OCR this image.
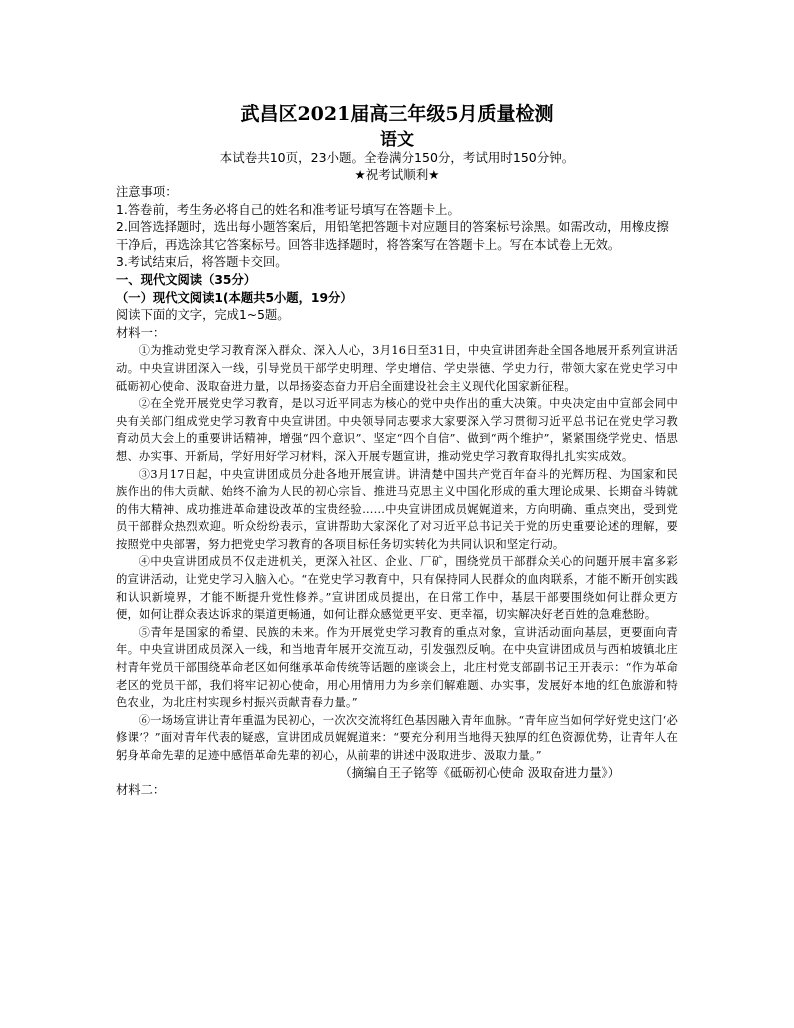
武昌区2021届高三年级5月质量检测
语文
本试卷共10页，23小题。全卷满分150分，考试用时150分钟。
★祝考试顺利★

注意事项：

1.答卷前，考生务必将自己的姓名和准考证号填写在答题卡上。

2.回答选择题时，选出每小题答案后，用铅笔把答题卡对应题目的答案标号涂黑。如需改动，用橡皮擦干净后，再选涂其它答案标号。回答非选择题时，将答案写在答题卡上。写在本试卷上无效。

3.考试结束后，将答题卡交回。

一、现代文阅读（35分）

（一）现代文阅读1(本题共5小题，19分）

阅读下面的文字，完成1~5题。

材料一：

①为推动党史学习教育深入群众、深入人心，3月16日至31日，中央宣讲团奔赴全国各地展开系列宣讲活动。中央宣讲团深入一线，引导党员干部学史明理、学史增信、学史崇德、学史力行，带领大家在党史学习中砥砺初心使命、汲取奋进力量，以昂扬姿态奋力开启全面建设社会主义现代化国家新征程。

②在全党开展党史学习教育，是以习近平同志为核心的党中央作出的重大决策。中央决定由中宣部会同中央有关部门组成党史学习教育中央宣讲团。中央领导同志要求大家要深入学习贯彻习近平总书记在党史学习教育动员大会上的重要讲话精神，增强“四个意识”、坚定“四个自信”、做到“两个维护”，紧紧围绕学党史、悟思想、办实事、开新局，学好用好学习材料，深入开展专题宣讲，推动党史学习教育取得扎扎实实成效。

③3月17日起，中央宣讲团成员分赴各地开展宣讲。讲清楚中国共产党百年奋斗的光辉历程、为国家和民族作出的伟大贡献、始终不渝为人民的初心宗旨、推进马克思主义中国化形成的重大理论成果、长期奋斗铸就的伟大精神、成功推进革命建设改革的宝贵经验……中央宣讲团成员娓娓道来，方向明确、重点突出，受到党员干部群众热烈欢迎。听众纷纷表示，宣讲帮助大家深化了对习近平总书记关于党的历史重要论述的理解，要按照党中央部署，努力把党史学习教育的各项目标任务切实转化为共同认识和坚定行动。

④中央宣讲团成员不仅走进机关，更深入社区、企业、厂矿，围绕党员干部群众关心的问题开展丰富多彩的宣讲活动，让党史学习入脑入心。“在党史学习教育中，只有保持同人民群众的血肉联系，才能不断开创实践和认识新境界，才能不断提升党性修养。”宣讲团成员提出，在日常工作中，基层干部要围绕如何让群众更方便，如何让群众表达诉求的渠道更畅通，如何让群众感觉更平安、更幸福，切实解决好老百姓的急难愁盼。

⑤青年是国家的希望、民族的未来。作为开展党史学习教育的重点对象，宣讲活动面向基层，更要面向青年。中央宣讲团成员深入一线，和当地青年展开交流互动，引发强烈反响。在中央宣讲团成员与西柏坡镇北庄村青年党员干部围绕革命老区如何继承革命传统等话题的座谈会上，北庄村党支部副书记王开表示：“作为革命老区的党员干部，我们将牢记初心使命，用心用情用力为乡亲们解难题、办实事，发展好本地的红色旅游和特色农业，为北庄村实现乡村振兴贡献青春力量。”

⑥一场场宣讲让青年重温为民初心，一次次交流将红色基因融入青年血脉。“青年应当如何学好党史这门‘必修课’？”面对青年代表的疑惑，宣讲团成员娓娓道来：“要充分利用当地得天独厚的红色资源优势，让青年人在躬身革命先辈的足迹中感悟革命先辈的初心，从前辈的讲述中汲取进步、汲取力量。”

（摘编自王子铭等《砥砺初心使命 汲取奋进力量》）

材料二：
